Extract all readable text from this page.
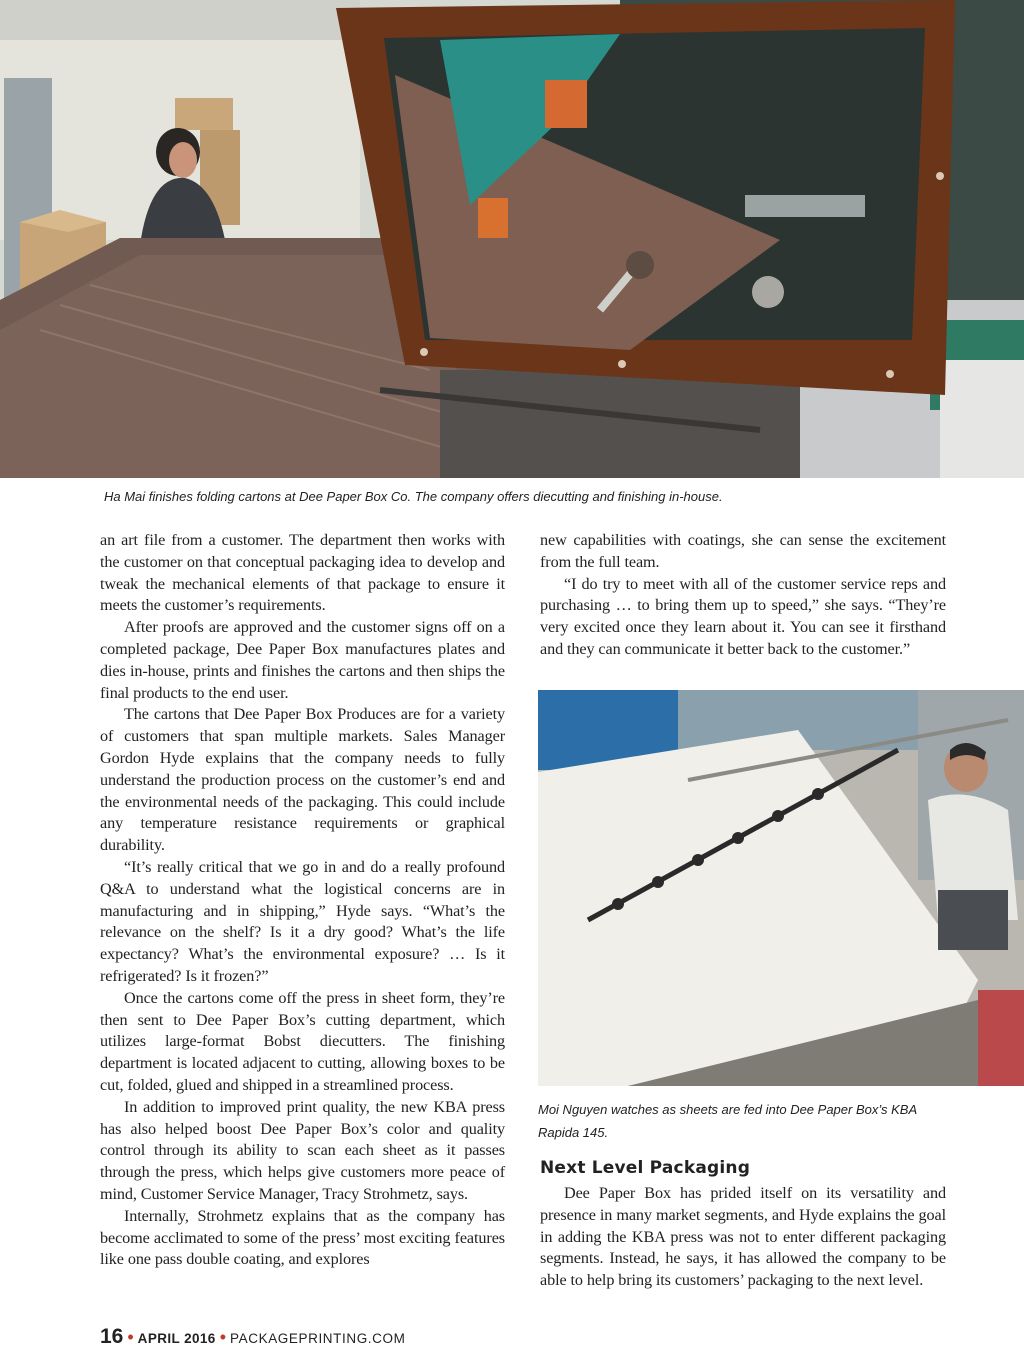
Ha Mai finishes folding cartons at Dee Paper Box Co. The company offers diecutting and finishing in-house.

an art file from a customer. The department then works with the customer on that conceptual packaging idea to develop and tweak the mechanical elements of that package to ensure it meets the customer’s requirements.

After proofs are approved and the customer signs off on a completed package, Dee Paper Box manufactures plates and dies in-house, prints and finishes the cartons and then ships the final products to the end user.

The cartons that Dee Paper Box Produces are for a variety of customers that span multiple markets. Sales Manager Gordon Hyde explains that the company needs to fully understand the production process on the customer’s end and the environmental needs of the packaging. This could include any temperature resistance requirements or graphical durability.

“It’s really critical that we go in and do a really profound Q&A to understand what the logistical concerns are in manufacturing and in shipping,” Hyde says. “What’s the relevance on the shelf? Is it a dry good? What’s the life expectancy? What’s the environmental exposure? … Is it refrigerated? Is it frozen?”

Once the cartons come off the press in sheet form, they’re then sent to Dee Paper Box’s cutting department, which utilizes large-format Bobst diecutters. The finishing department is located adjacent to cutting, allowing boxes to be cut, folded, glued and shipped in a streamlined process.

In addition to improved print quality, the new KBA press has also helped boost Dee Paper Box’s color and quality control through its ability to scan each sheet as it passes through the press, which helps give customers more peace of mind, Customer Service Manager, Tracy Strohmetz, says.

Internally, Strohmetz explains that as the company has become acclimated to some of the press’ most exciting features like one pass double coating, and explores

new capabilities with coatings, she can sense the excitement from the full team.

“I do try to meet with all of the customer service reps and purchasing … to bring them up to speed,” she says. “They’re very excited once they learn about it. You can see it firsthand and they can communicate it better back to the customer.”

Moi Nguyen watches as sheets are fed into Dee Paper Box’s KBA Rapida 145.
Next Level Packaging

Dee Paper Box has prided itself on its versatility and presence in many market segments, and Hyde explains the goal in adding the KBA press was not to enter different packaging segments. Instead, he says, it has allowed the company to be able to help bring its customers’ packaging to the next level.

16 • APRIL 2016 • PACKAGEPRINTING.COM
